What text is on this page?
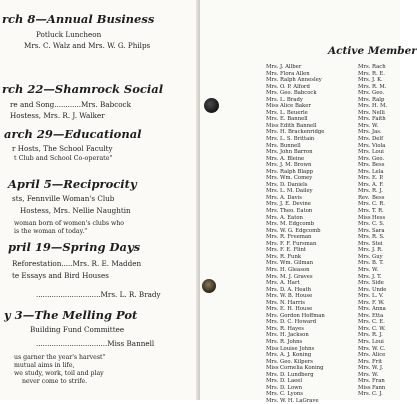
rch 8—Annual Business

Potluck Luncheon

Mrs. C. Walz and Mrs. W. G. Philps

rch 22—Shamrock Social

re and Song............Mrs. Babcock

Hostess, Mrs. R. J. Walker

arch 29—Educational

r Hosts, The School Faculty

t Club and School Co-operate"

April 5—Reciprocity

sts, Fennville Woman's Club

Hostess, Mrs. Nellie Naughtin

woman born of women's clubs who

is the woman of today."

pril 19—Spring Days

Reforestation.....Mrs. R. E. Madden

te Essays and Bird Houses

.............................Mrs. L. R. Brady

y 3—The Melling Pot

Building Fund Committee

................................Miss Bannell

us garner the year's harvest"

mutual aims in life,

we study, work, toil and play

never come to strife.

Active Member
Mrs. J. Allber
Mrs. Flora Allen
Mrs. Ralph Annesley
Mrs. O. P. Alford
Mrs. Geo. Babcock
Mrs. L. Brady
MissAlice Baker
Mrs. L. Beuerle
Mrs. E. Bannell
MissEdith Bannell
Mrs. H. Brackenridge
Mrs. L. S. Brittain
Mrs. Bunnell
Mrs. John Barron
Mrs. A. Bleine
Mrs. J. M. Brown
Mrs. Ralph Blapp
Mrs. Wm. Comey
Mrs. D. Daniels
Mrs. L. M. Dailey
Mrs. A. Davis
Mrs. J. E. Devine
Mrs. Theo. Eaton
Mrs. A. Eaton
Mrs. M. Edgcomb
Mrs. W. G. Edgcomb
Mrs. R. Freeman
Mrs. F. F. Fursman
Mrs. F. E. Flint
Mrs. R. Funk
Mrs. Wm. Gilman
Mrs. H. Gleason
Mrs. M. J. Graves
Mrs. A. Hart
Mrs. D. A. Heath
Mrs. W. B. House
Mrs. N. Harris
Mrs. E. H. House
Mrs. Gordon Hoffman
Mrs. D. C. Howard
Mrs. R. Hayes
Mrs. H. Jackson
Mrs. R. Johns
MissLouise Johns
Mrs. A. J. Koning
Mrs. Geo. Kilpers
MissCornelia Koning
Mrs. D. Lundberg
Mrs. D. Laeel
Mrs. D. Lown
Mrs. C. Lyons
Mrs. W. H. LaGrave
Mrs. Rach
Mrs. R. E.
Mrs. J. K.
Mrs. R. M.
Mrs. Geo.
Mrs. Ralp
Mrs. H. M.
Mrs. Nelli
Mrs. Faith
Mrs. W.
Mrs. Jas.
Mrs. Delf
Mrs. Viola
Mrs. Loui
Mrs. Geo.
Mrs. Bess
Mrs. Lela
Mrs. E. P.
Mrs. A. F.
Mrs. R. J.
Rev. Bess
Mrs. C. R.
Mrs. T. R.
MissHess
Mrs. C. S.
Mrs. Sara
Mrs. R. S.
Mrs. Stei
Mrs. J. R.
Mrs. Guy
Mrs. B. T.
Mrs. W.
Mrs. J. T.
Mrs. Side
Mrs. Unde
Mrs. L. V.
Mrs. F. W.
Mrs. Anna
Mrs. Etta
Mrs. C. E.
Mrs. C. W.
Mrs. R. J.
Mrs. Loui
Mrs. W. C.
Mrs. Alice
Mrs. Frit
Mrs. W. J.
Mrs. W.
Mrs. Fran
MissFann
Mrs. C. J.
